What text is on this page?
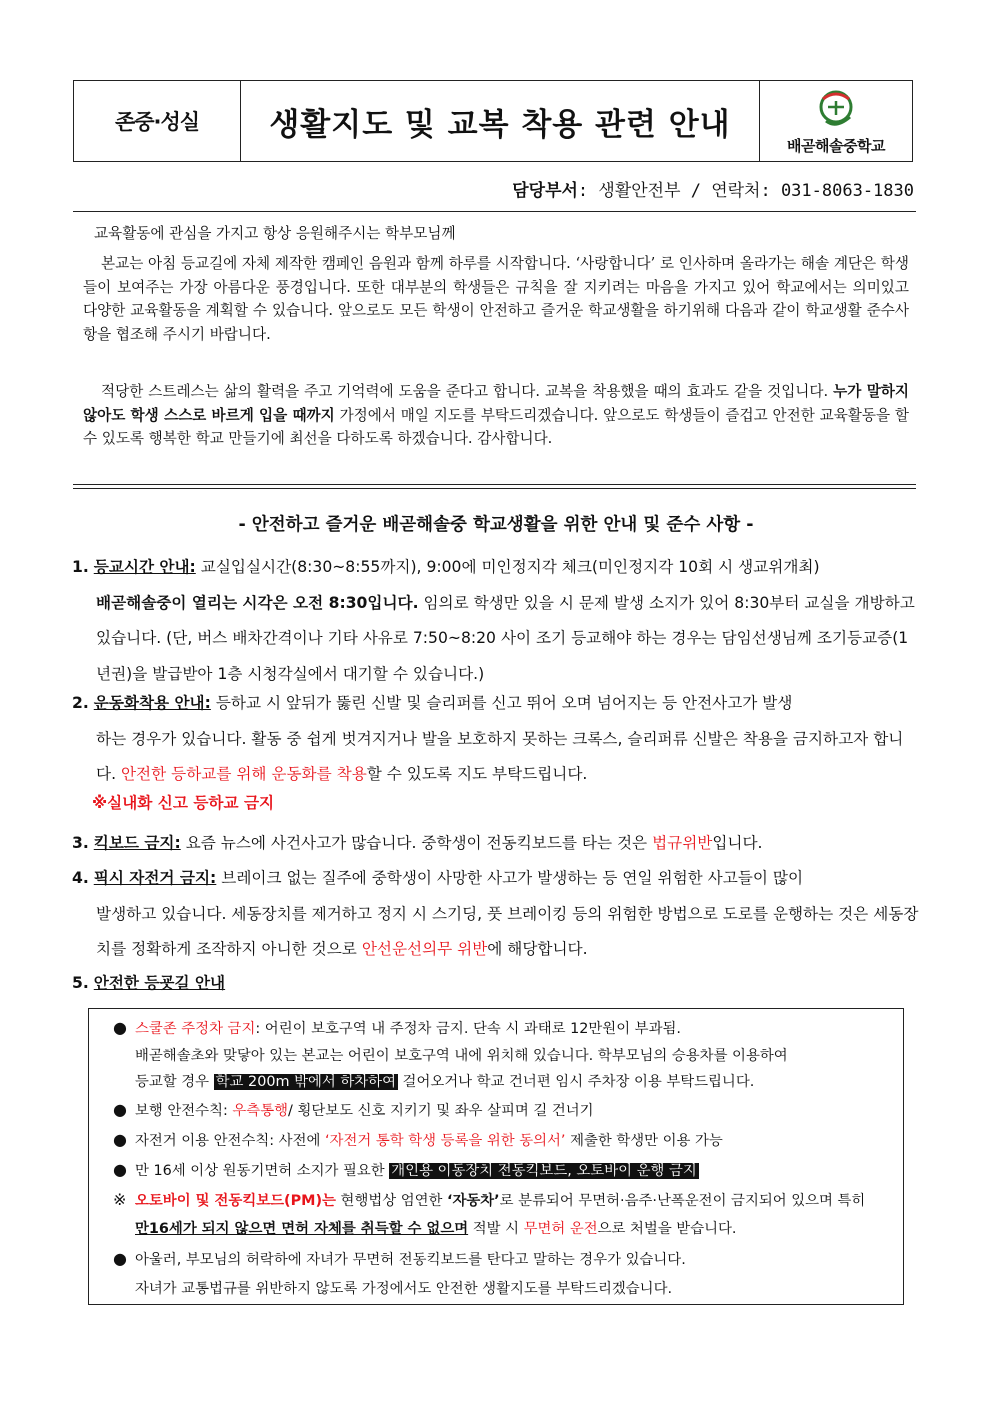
존중·성실	생활지도 및 교복 착용 관련 안내
배곧해솔중학교
담당부서: 생활안전부 / 연락처: 031-8063-1830
교육활동에 관심을 가지고 항상 응원해주시는 학부모님께
본교는 아침 등교길에 자체 제작한 캠페인 음원과 함께 하루를 시작합니다. ‘사랑합니다’ 로 인사하며 올라가는 해솔 계단은 학생들이 보여주는 가장 아름다운 풍경입니다. 또한 대부분의 학생들은 규칙을 잘 지키려는 마음을 가지고 있어 학교에서는 의미있고 다양한 교육활동을 계획할 수 있습니다. 앞으로도 모든 학생이 안전하고 즐거운 학교생활을 하기위해 다음과 같이 학교생활 준수사항을 협조해 주시기 바랍니다.
적당한 스트레스는 삶의 활력을 주고 기억력에 도움을 준다고 합니다. 교복을 착용했을 때의 효과도 같을 것입니다. 누가 말하지 않아도 학생 스스로 바르게 입을 때까지 가정에서 매일 지도를 부탁드리겠습니다. 앞으로도 학생들이 즐겁고 안전한 교육활동을 할 수 있도록 행복한 학교 만들기에 최선을 다하도록 하겠습니다. 감사합니다.
- 안전하고 즐거운 배곧해솔중 학교생활을 위한 안내 및 준수 사항 -
1. 등교시간 안내: 교실입실시간(8:30~8:55까지), 9:00에 미인정지각 체크(미인정지각 10회 시 생교위개최)
배곧해솔중이 열리는 시각은 오전 8:30입니다. 임의로 학생만 있을 시 문제 발생 소지가 있어 8:30부터 교실을 개방하고 있습니다. (단, 버스 배차간격이나 기타 사유로 7:50~8:20 사이 조기 등교해야 하는 경우는 담임선생님께 조기등교증(1년권)을 발급받아 1층 시청각실에서 대기할 수 있습니다.)
2. 운동화착용 안내: 등하교 시 앞뒤가 뚫린 신발 및 슬리퍼를 신고 뛰어 오며 넘어지는 등 안전사고가 발생
하는 경우가 있습니다. 활동 중 쉽게 벗겨지거나 발을 보호하지 못하는 크록스, 슬리퍼류 신발은 착용을 금지하고자 합니다. 안전한 등하교를 위해 운동화를 착용할 수 있도록 지도 부탁드립니다.
※실내화 신고 등하교 금지
3. 킥보드 금지: 요즘 뉴스에 사건사고가 많습니다. 중학생이 전동킥보드를 타는 것은 법규위반입니다.
4. 픽시 자전거 금지: 브레이크 없는 질주에 중학생이 사망한 사고가 발생하는 등 연일 위험한 사고들이 많이
발생하고 있습니다. 세동장치를 제거하고 정지 시 스기딩, 풋 브레이킹 등의 위험한 방법으로 도로를 운행하는 것은 세동장치를 정확하게 조작하지 아니한 것으로 안선운선의무 위반에 해당합니다.
5. 안전한 등굣길 안내
● 스쿨존 주정차 금지: 어린이 보호구역 내 주정차 금지. 단속 시 과태로 12만원이 부과됨.
배곧해솔초와 맞닿아 있는 본교는 어린이 보호구역 내에 위치해 있습니다. 학부모님의 승용차를 이용하여
등교할 경우 학교 200m 밖에서 하차하여 걸어오거나 학교 건너편 임시 주차장 이용 부탁드립니다.
● 보행 안전수칙: 우측통행/ 횡단보도 신호 지키기 및 좌우 살피며 길 건너기
● 자전거 이용 안전수칙: 사전에 ‘자전거 통학 학생 등록을 위한 동의서’ 제출한 학생만 이용 가능
● 만 16세 이상 원동기면허 소지가 필요한 개인용 이동장치 전동킥보드, 오토바이 운행 금지
※ 오토바이 및 전동킥보드(PM)는 현행법상 엄연한 ‘자동차’로 분류되어 무면허·음주·난폭운전이 금지되어 있으며 특히
만16세가 되지 않으면 면허 자체를 취득할 수 없으며 적발 시 무면허 운전으로 처벌을 받습니다.
● 아울러, 부모님의 허락하에 자녀가 무면허 전동킥보드를 탄다고 말하는 경우가 있습니다.
자녀가 교통법규를 위반하지 않도록 가정에서도 안전한 생활지도를 부탁드리겠습니다.
